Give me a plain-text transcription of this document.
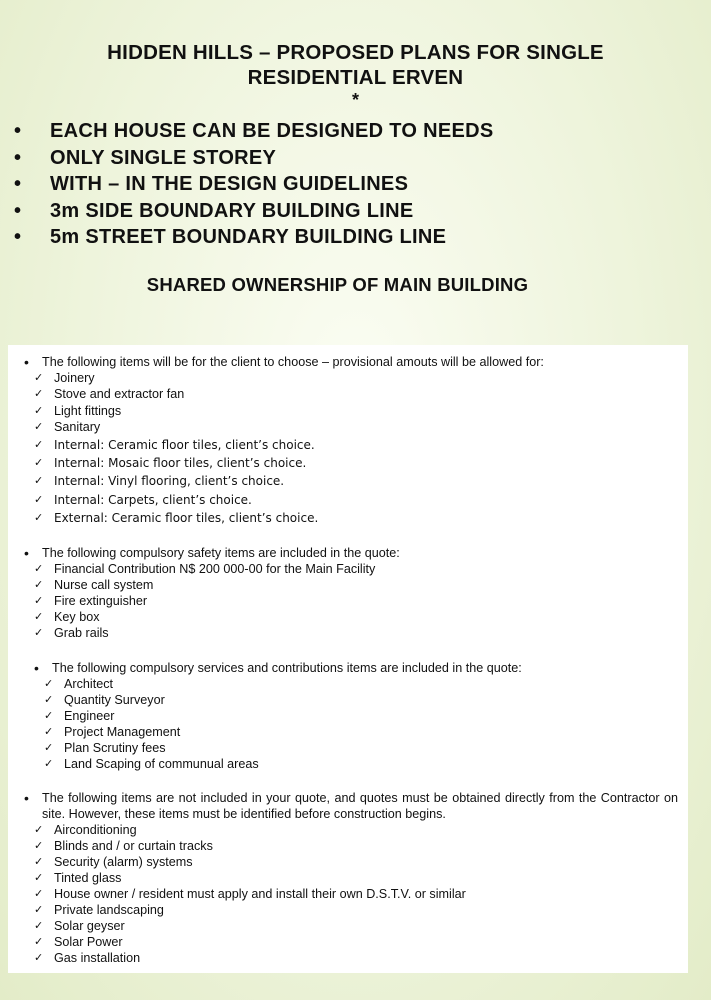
HIDDEN HILLS – PROPOSED PLANS FOR SINGLE
RESIDENTIAL ERVEN
*
• EACH HOUSE CAN BE DESIGNED TO NEEDS
• ONLY SINGLE STOREY
• WITH – IN THE DESIGN GUIDELINES
• 3m SIDE BOUNDARY BUILDING LINE
• 5m STREET BOUNDARY BUILDING LINE
SHARED OWNERSHIP OF MAIN BUILDING
• The following items will be for the client to choose – provisional amouts will be allowed for:
✓ Joinery
✓ Stove and extractor fan
✓ Light fittings
✓ Sanitary
✓ Internal: Ceramic floor tiles, client’s choice.
✓ Internal: Mosaic floor tiles, client’s choice.
✓ Internal: Vinyl flooring, client’s choice.
✓ Internal: Carpets, client’s choice.
✓ External: Ceramic floor tiles, client’s choice.
• The following compulsory safety items are included in the quote:
✓ Financial Contribution N$ 200 000-00 for the Main Facility
✓ Nurse call system
✓ Fire extinguisher
✓ Key box
✓ Grab rails
• The following compulsory services and contributions items are included in the quote:
✓ Architect
✓ Quantity Surveyor
✓ Engineer
✓ Project Management
✓ Plan Scrutiny fees
✓ Land Scaping of communual areas
• The following items are not included in your quote, and quotes must be obtained directly from the Contractor on site. However, these items must be identified before construction begins.
✓ Airconditioning
✓ Blinds and / or curtain tracks
✓ Security (alarm) systems
✓ Tinted glass
✓ House owner / resident must apply and install their own D.S.T.V. or similar
✓ Private landscaping
✓ Solar geyser
✓ Solar Power
✓ Gas installation
